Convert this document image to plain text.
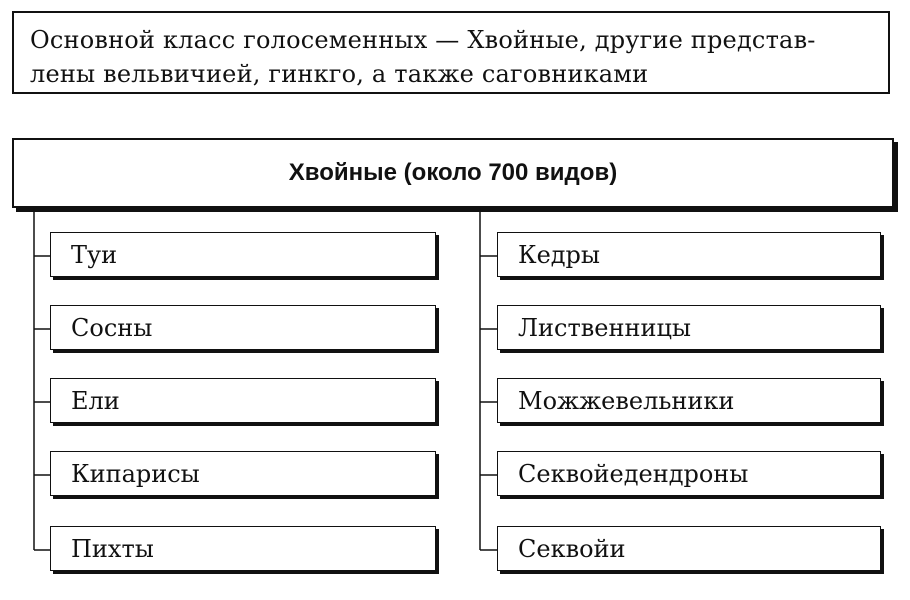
Основной класс голосеменных — Хвойные, другие представ-
лены вельвичией, гинкго, а также саговниками
Хвойные (около 700 видов)
Туи
Сосны
Ели
Кипарисы
Пихты
Кедры
Лиственницы
Можжевельники
Секвойедендроны
Секвойи
